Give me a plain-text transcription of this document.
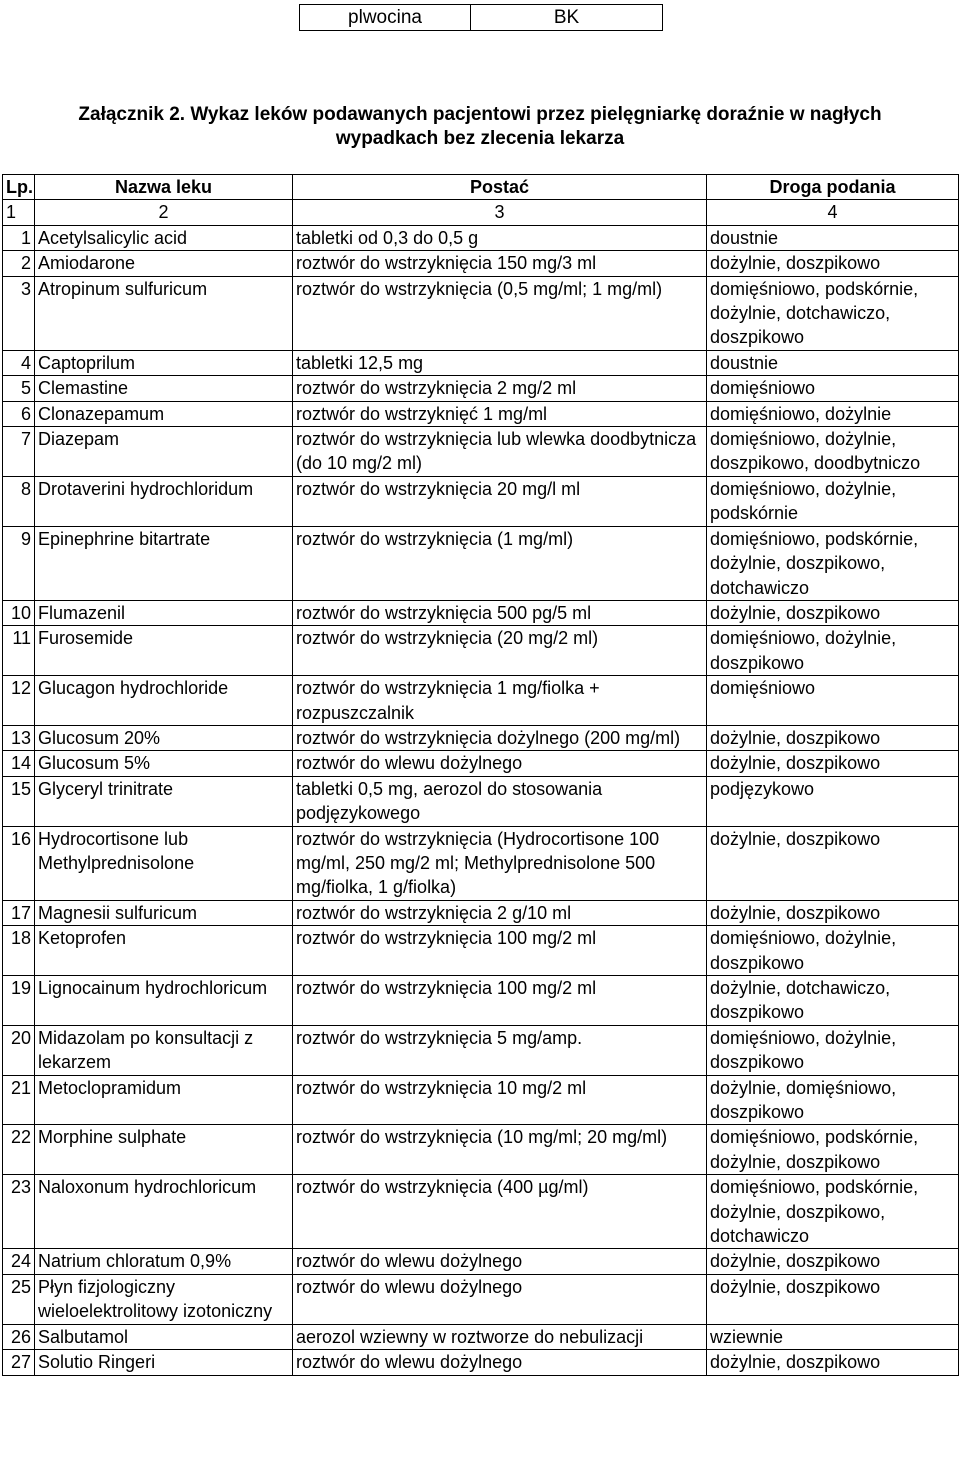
plwocina	BK
Załącznik 2. Wykaz leków podawanych pacjentowi przez pielęgniarkę doraźnie w nagłych
wypadkach bez zlecenia lekarza
Lp.	Nazwa leku	Postać	Droga podania
1	2	3	4
1	Acetylsalicylic acid	tabletki od 0,3 do 0,5 g	doustnie
2	Amiodarone	roztwór do wstrzyknięcia 150 mg/3 ml	dożylnie, doszpikowo
3	Atropinum sulfuricum	roztwór do wstrzyknięcia (0,5 mg/ml; 1 mg/ml)	domięśniowo, podskórnie, dożylnie, dotchawiczo, doszpikowo
4	Captoprilum	tabletki 12,5 mg	doustnie
5	Clemastine	roztwór do wstrzyknięcia 2 mg/2 ml	domięśniowo
6	Clonazepamum	roztwór do wstrzyknięć 1 mg/ml	domięśniowo, dożylnie
7	Diazepam	roztwór do wstrzyknięcia lub wlewka doodbytnicza (do 10 mg/2 ml)	domięśniowo, dożylnie, doszpikowo, doodbytniczo
8	Drotaverini hydrochloridum	roztwór do wstrzyknięcia 20 mg/l ml	domięśniowo, dożylnie, podskórnie
9	Epinephrine bitartrate	roztwór do wstrzyknięcia (1 mg/ml)	domięśniowo, podskórnie, dożylnie, doszpikowo, dotchawiczo
10	Flumazenil	roztwór do wstrzyknięcia 500 pg/5 ml	dożylnie, doszpikowo
11	Furosemide	roztwór do wstrzyknięcia (20 mg/2 ml)	domięśniowo, dożylnie, doszpikowo
12	Glucagon hydrochloride	roztwór do wstrzyknięcia 1 mg/fiolka + rozpuszczalnik	domięśniowo
13	Glucosum 20%	roztwór do wstrzyknięcia dożylnego (200 mg/ml)	dożylnie, doszpikowo
14	Glucosum 5%	roztwór do wlewu dożylnego	dożylnie, doszpikowo
15	Glyceryl trinitrate	tabletki 0,5 mg, aerozol do stosowania podjęzykowego	podjęzykowo
16	Hydrocortisone lub Methylprednisolone	roztwór do wstrzyknięcia (Hydrocortisone 100 mg/ml, 250 mg/2 ml; Methylprednisolone 500 mg/fiolka, 1 g/fiolka)	dożylnie, doszpikowo
17	Magnesii sulfuricum	roztwór do wstrzyknięcia 2 g/10 ml	dożylnie, doszpikowo
18	Ketoprofen	roztwór do wstrzyknięcia 100 mg/2 ml	domięśniowo, dożylnie, doszpikowo
19	Lignocainum hydrochloricum	roztwór do wstrzyknięcia 100 mg/2 ml	dożylnie, dotchawiczo, doszpikowo
20	Midazolam po konsultacji z lekarzem	roztwór do wstrzyknięcia 5 mg/amp.	domięśniowo, dożylnie, doszpikowo
21	Metoclopramidum	roztwór do wstrzyknięcia 10 mg/2 ml	dożylnie, domięśniowo, doszpikowo
22	Morphine sulphate	roztwór do wstrzyknięcia (10 mg/ml; 20 mg/ml)	domięśniowo, podskórnie, dożylnie, doszpikowo
23	Naloxonum hydrochloricum	roztwór do wstrzyknięcia (400 µg/ml)	domięśniowo, podskórnie, dożylnie, doszpikowo, dotchawiczo
24	Natrium chloratum 0,9%	roztwór do wlewu dożylnego	dożylnie, doszpikowo
25	Płyn fizjologiczny wieloelektrolitowy izotoniczny	roztwór do wlewu dożylnego	dożylnie, doszpikowo
26	Salbutamol	aerozol wziewny w roztworze do nebulizacji	wziewnie
27	Solutio Ringeri	roztwór do wlewu dożylnego	dożylnie, doszpikowo
